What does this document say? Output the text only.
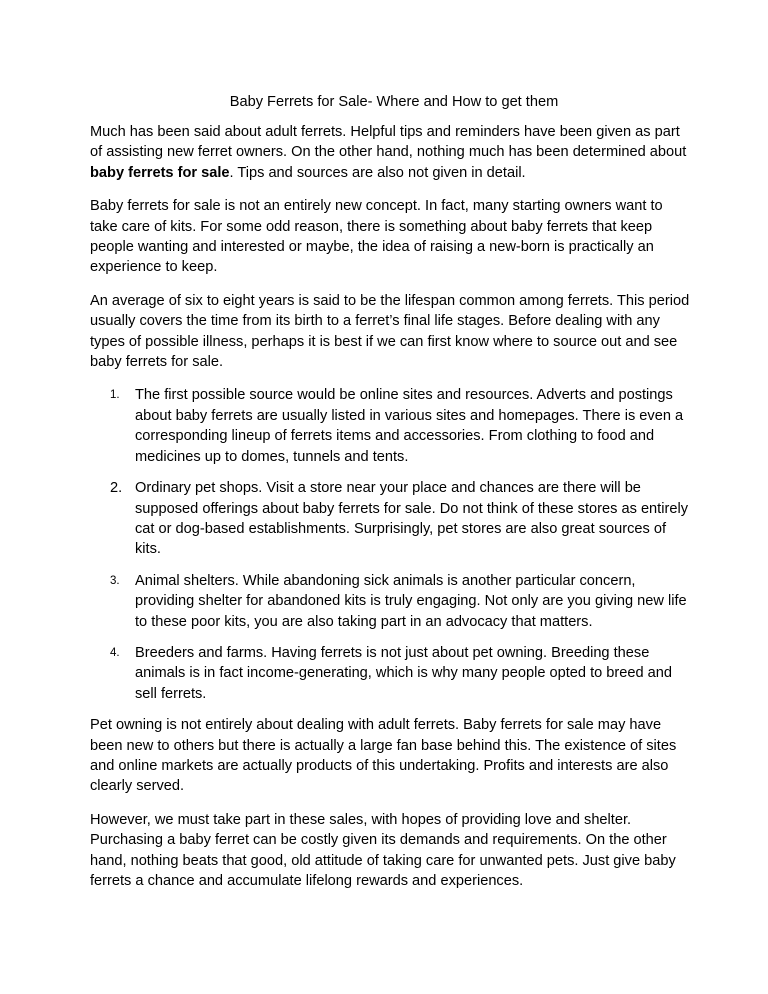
Baby Ferrets for Sale- Where and How to get them

Much has been said about adult ferrets. Helpful tips and reminders have been given as part of assisting new ferret owners. On the other hand, nothing much has been determined about baby ferrets for sale. Tips and sources are also not given in detail.

Baby ferrets for sale is not an entirely new concept. In fact, many starting owners want to take care of kits. For some odd reason, there is something about baby ferrets that keep people wanting and interested or maybe, the idea of raising a new-born is practically an experience to keep.

An average of six to eight years is said to be the lifespan common among ferrets. This period usually covers the time from its birth to a ferret’s final life stages. Before dealing with any types of possible illness, perhaps it is best if we can first know where to source out and see baby ferrets for sale.

1. The first possible source would be online sites and resources. Adverts and postings about baby ferrets are usually listed in various sites and homepages. There is even a corresponding lineup of ferrets items and accessories. From clothing to food and medicines up to domes, tunnels and tents.
2. Ordinary pet shops. Visit a store near your place and chances are there will be supposed offerings about baby ferrets for sale. Do not think of these stores as entirely cat or dog-based establishments. Surprisingly, pet stores are also great sources of kits.
3. Animal shelters. While abandoning sick animals is another particular concern, providing shelter for abandoned kits is truly engaging. Not only are you giving new life to these poor kits, you are also taking part in an advocacy that matters.
4. Breeders and farms. Having ferrets is not just about pet owning. Breeding these animals is in fact income-generating, which is why many people opted to breed and sell ferrets.

Pet owning is not entirely about dealing with adult ferrets. Baby ferrets for sale may have been new to others but there is actually a large fan base behind this. The existence of sites and online markets are actually products of this undertaking. Profits and interests are also clearly served.

However, we must take part in these sales, with hopes of providing love and shelter. Purchasing a baby ferret can be costly given its demands and requirements. On the other hand, nothing beats that good, old attitude of taking care for unwanted pets. Just give baby ferrets a chance and accumulate lifelong rewards and experiences.
